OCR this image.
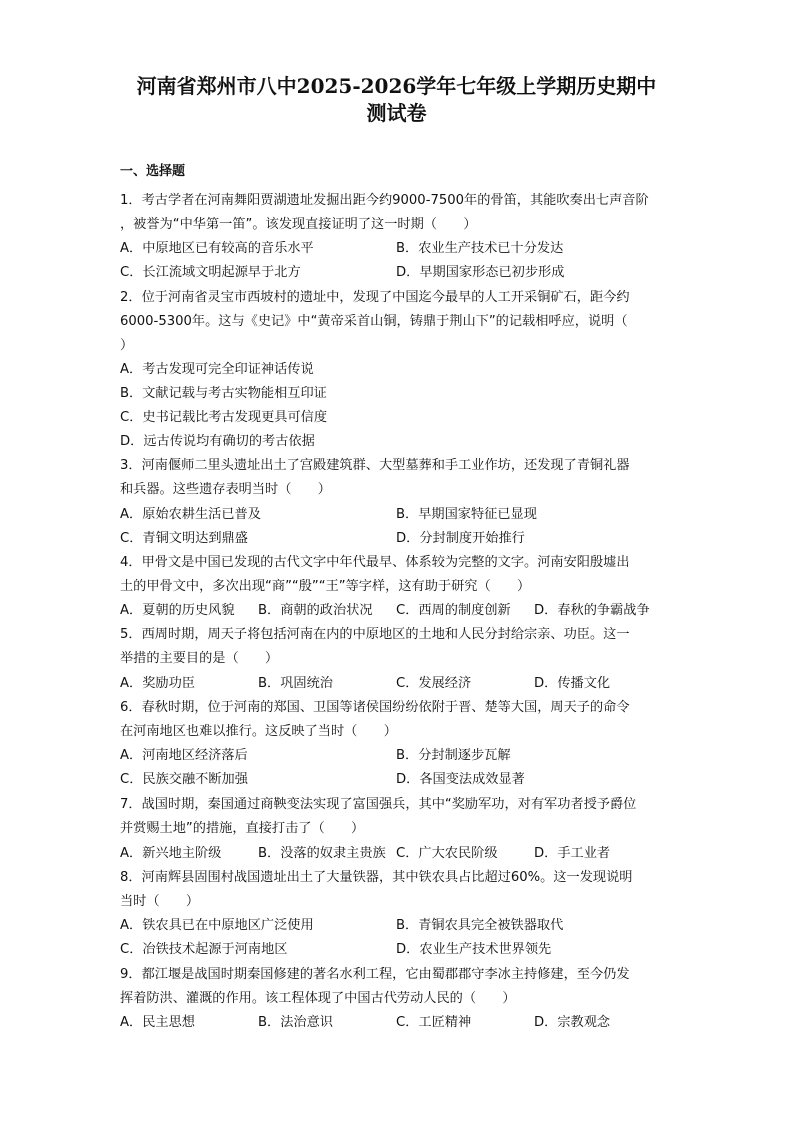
河南省郑州市八中2025-2026学年七年级上学期历史期中
测试卷
一、选择题
1．考古学者在河南舞阳贾湖遗址发掘出距今约9000-7500年的骨笛，其能吹奏出七声音阶
，被誉为“中华第一笛”。该发现直接证明了这一时期（　　）
A．中原地区已有较高的音乐水平	B．农业生产技术已十分发达
C．长江流域文明起源早于北方	D．早期国家形态已初步形成
2．位于河南省灵宝市西坡村的遗址中，发现了中国迄今最早的人工开采铜矿石，距今约
6000-5300年。这与《史记》中“黄帝采首山铜，铸鼎于荆山下”的记载相呼应，说明（
）
A．考古发现可完全印证神话传说
B．文献记载与考古实物能相互印证
C．史书记载比考古发现更具可信度
D．远古传说均有确切的考古依据
3．河南偃师二里头遗址出土了宫殿建筑群、大型墓葬和手工业作坊，还发现了青铜礼器
和兵器。这些遗存表明当时（　　）
A．原始农耕生活已普及	B．早期国家特征已显现
C．青铜文明达到鼎盛	D．分封制度开始推行
4．甲骨文是中国已发现的古代文字中年代最早、体系较为完整的文字。河南安阳殷墟出
土的甲骨文中，多次出现“商”“殷”“王”等字样，这有助于研究（　　）
A．夏朝的历史风貌 B．商朝的政治状况 C．西周的制度创新 D．春秋的争霸战争
5．西周时期，周天子将包括河南在内的中原地区的土地和人民分封给宗亲、功臣。这一
举措的主要目的是（　　）
A．奖励功臣	B．巩固统治	C．发展经济	D．传播文化
6．春秋时期，位于河南的郑国、卫国等诸侯国纷纷依附于晋、楚等大国，周天子的命令
在河南地区也难以推行。这反映了当时（　　）
A．河南地区经济落后	B．分封制逐步瓦解
C．民族交融不断加强	D．各国变法成效显著
7．战国时期，秦国通过商鞅变法实现了富国强兵，其中“奖励军功，对有军功者授予爵位
并赏赐土地”的措施，直接打击了（　　）
A．新兴地主阶级	B．没落的奴隶主贵族 C．广大农民阶级	D．手工业者
8．河南辉县固围村战国遗址出土了大量铁器，其中铁农具占比超过60%。这一发现说明
当时（　　）
A．铁农具已在中原地区广泛使用	B．青铜农具完全被铁器取代
C．冶铁技术起源于河南地区	D．农业生产技术世界领先
9．都江堰是战国时期秦国修建的著名水利工程，它由蜀郡郡守李冰主持修建，至今仍发
挥着防洪、灌溉的作用。该工程体现了中国古代劳动人民的（　　）
A．民主思想	B．法治意识	C．工匠精神	D．宗教观念
